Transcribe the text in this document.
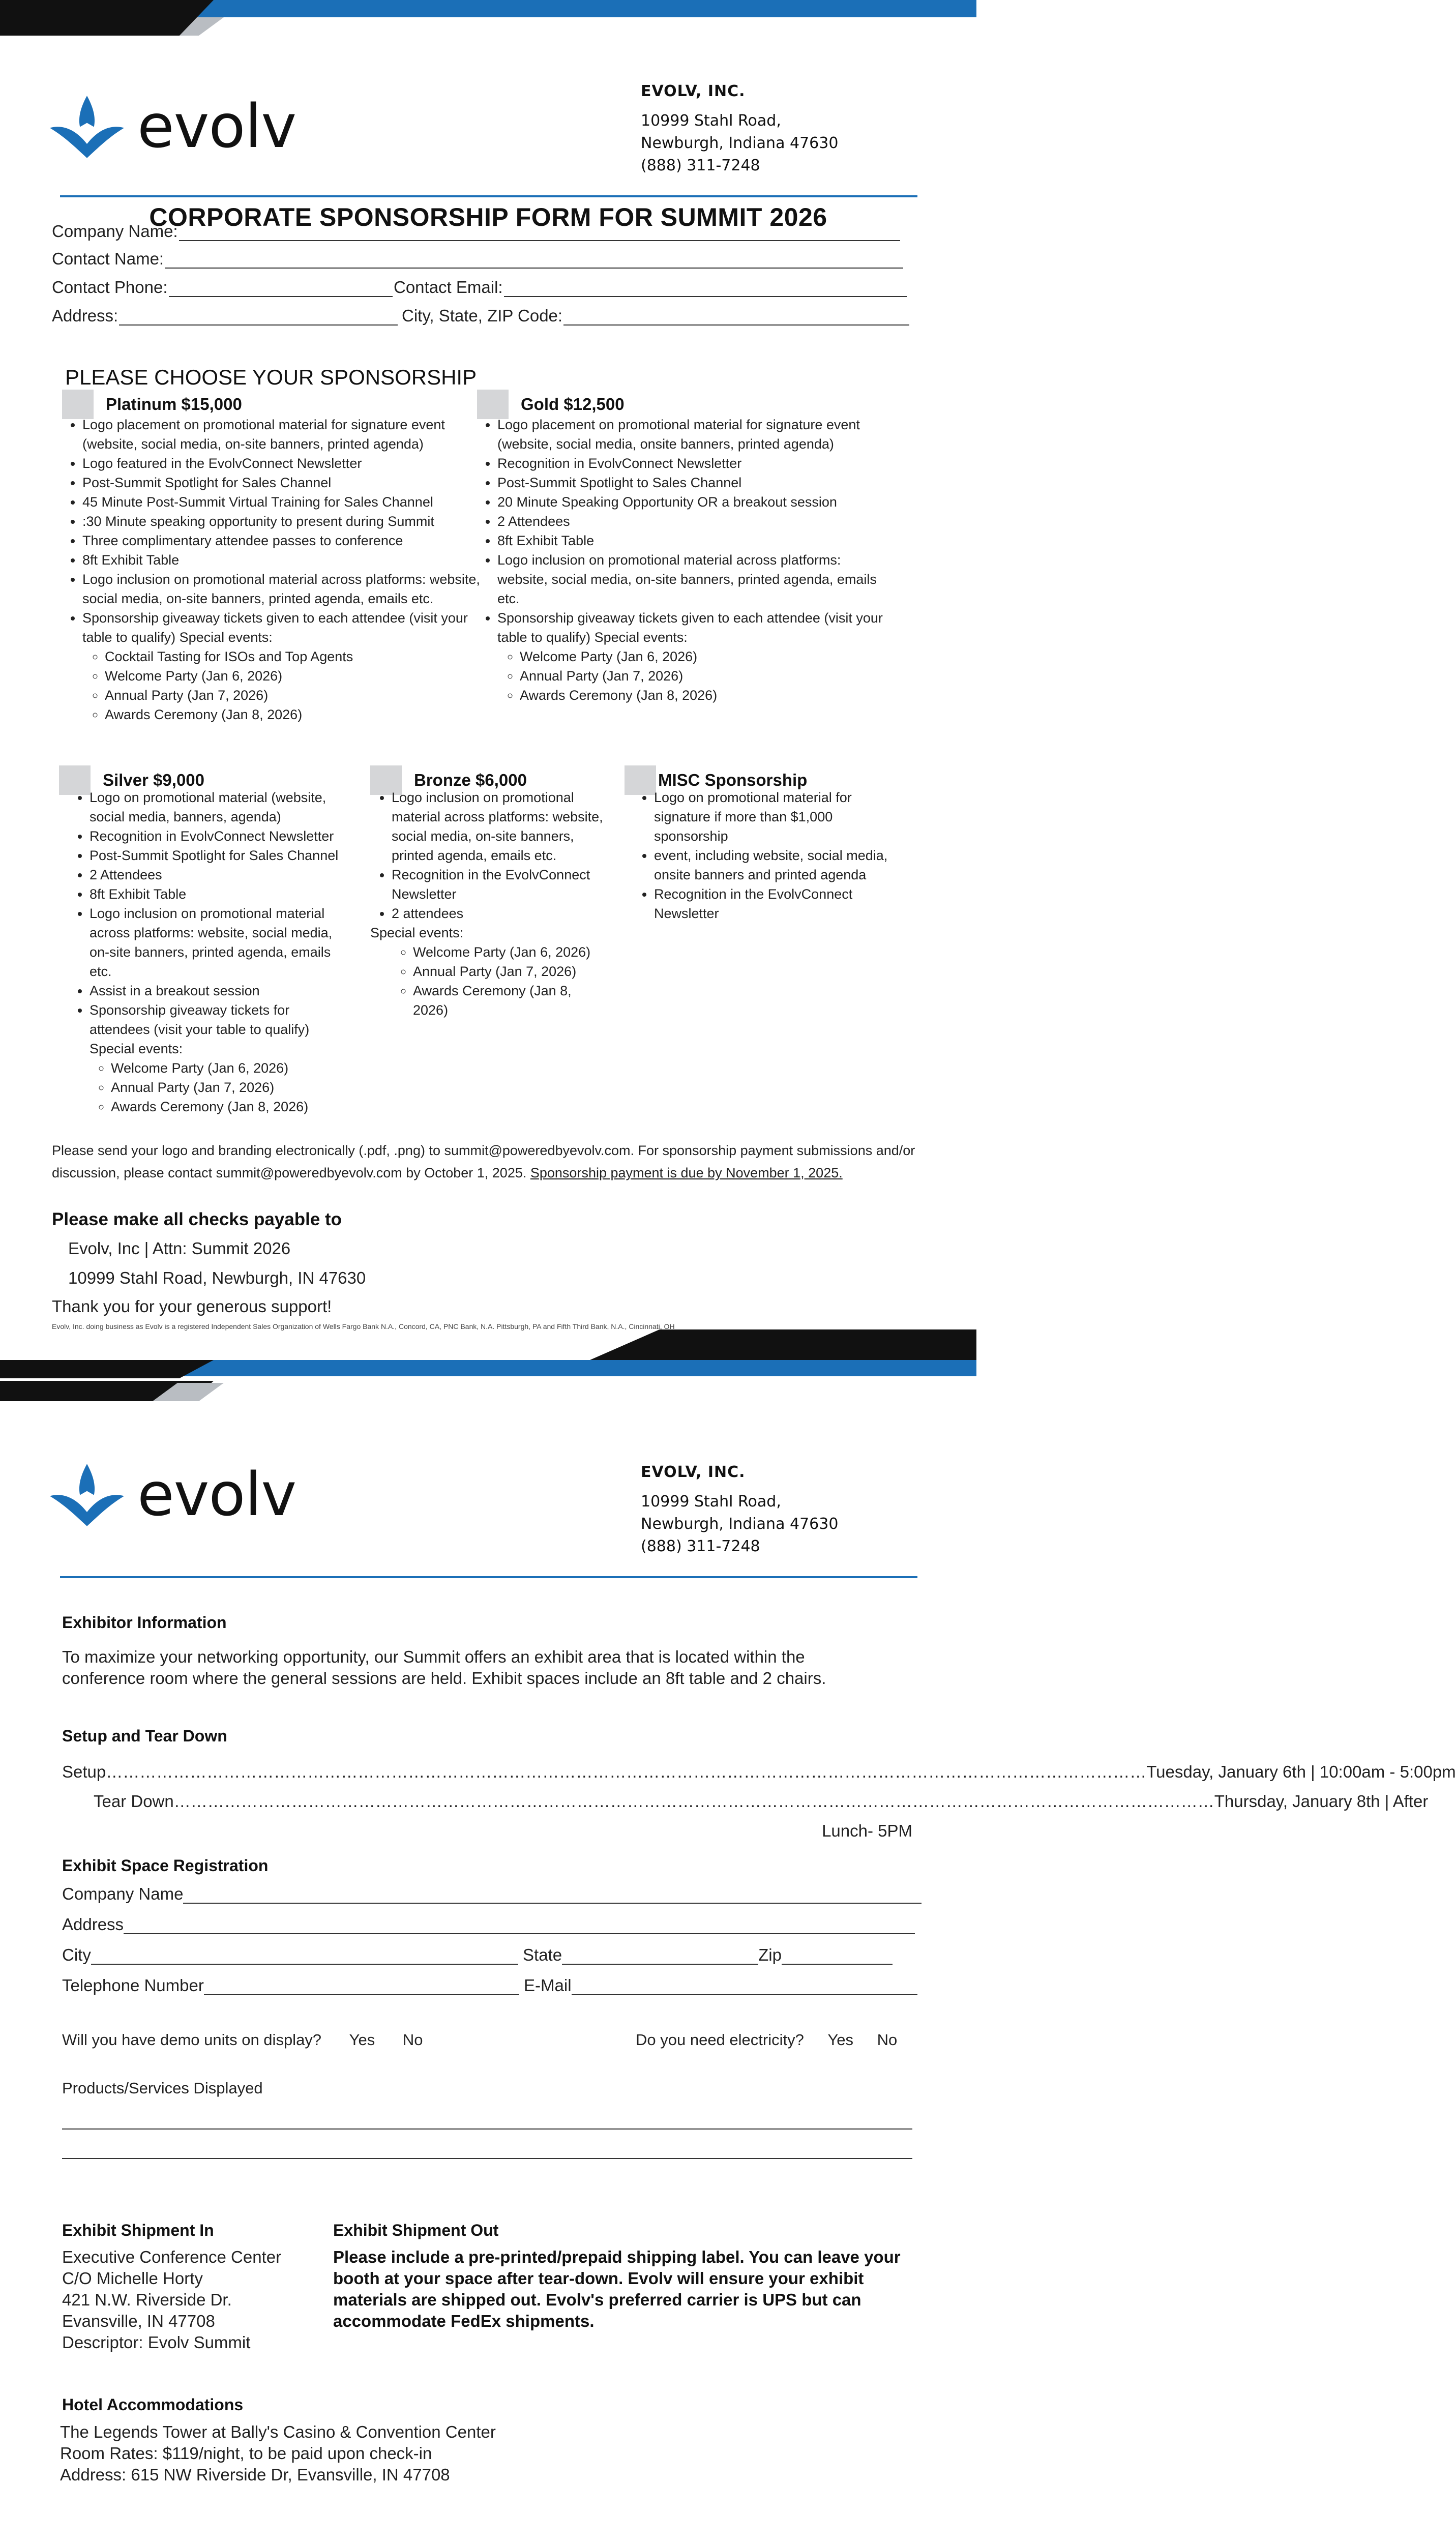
evolv	EVOLV, INC.
10999 Stahl Road,
Newburgh, Indiana 47630
(888) 311-7248
CORPORATE SPONSORSHIP FORM FOR SUMMIT 2026
Company Name:
Contact Name:
Contact Phone:	Contact Email:
Address:	City, State, ZIP Code:
PLEASE CHOOSE YOUR SPONSORSHIP
Platinum $15,000
• Logo placement on promotional material for signature event (website, social media, on-site banners, printed agenda)
• Logo featured in the EvolvConnect Newsletter
• Post-Summit Spotlight for Sales Channel
• 45 Minute Post-Summit Virtual Training for Sales Channel
• :30 Minute speaking opportunity to present during Summit
• Three complimentary attendee passes to conference
• 8ft Exhibit Table
• Logo inclusion on promotional material across platforms: website, social media, on-site banners, printed agenda, emails etc.
• Sponsorship giveaway tickets given to each attendee (visit your table to qualify) Special events:
◦ Cocktail Tasting for ISOs and Top Agents
◦ Welcome Party (Jan 6, 2026)
◦ Annual Party (Jan 7, 2026)
◦ Awards Ceremony (Jan 8, 2026)
Gold $12,500
• Logo placement on promotional material for signature event (website, social media, onsite banners, printed agenda)
• Recognition in EvolvConnect Newsletter
• Post-Summit Spotlight to Sales Channel
• 20 Minute Speaking Opportunity OR a breakout session
• 2 Attendees
• 8ft Exhibit Table
• Logo inclusion on promotional material across platforms: website, social media, on-site banners, printed agenda, emails etc.
• Sponsorship giveaway tickets given to each attendee (visit your table to qualify) Special events:
◦ Welcome Party (Jan 6, 2026)
◦ Annual Party (Jan 7, 2026)
◦ Awards Ceremony (Jan 8, 2026)
Silver $9,000
• Logo on promotional material (website, social media, banners, agenda)
• Recognition in EvolvConnect Newsletter
• Post-Summit Spotlight for Sales Channel
• 2 Attendees
• 8ft Exhibit Table
• Logo inclusion on promotional material across platforms: website, social media, on-site banners, printed agenda, emails etc.
• Assist in a breakout session
• Sponsorship giveaway tickets for attendees (visit your table to qualify)
Special events:
◦ Welcome Party (Jan 6, 2026)
◦ Annual Party (Jan 7, 2026)
◦ Awards Ceremony (Jan 8, 2026)
Bronze $6,000
• Logo inclusion on promotional material across platforms: website, social media, on-site banners, printed agenda, emails etc.
• Recognition in the EvolvConnect Newsletter
• 2 attendees
Special events:
◦ Welcome Party (Jan 6, 2026)
◦ Annual Party (Jan 7, 2026)
◦ Awards Ceremony (Jan 8, 2026)
MISC Sponsorship
• Logo on promotional material for signature if more than $1,000 sponsorship
• event, including website, social media, onsite banners and printed agenda
• Recognition in the EvolvConnect Newsletter
Please send your logo and branding electronically (.pdf, .png) to summit@poweredbyevolv.com. For sponsorship payment submissions and/or discussion, please contact summit@poweredbyevolv.com by October 1, 2025. Sponsorship payment is due by November 1, 2025.
Please make all checks payable to
Evolv, Inc | Attn: Summit 2026
10999 Stahl Road, Newburgh, IN 47630
Thank you for your generous support!
Evolv, Inc. doing business as Evolv is a registered Independent Sales Organization of Wells Fargo Bank N.A., Concord, CA, PNC Bank, N.A. Pittsburgh, PA and Fifth Third Bank, N.A., Cincinnati, OH
evolv	EVOLV, INC.
10999 Stahl Road,
Newburgh, Indiana 47630
(888) 311-7248
Exhibitor Information
To maximize your networking opportunity, our Summit offers an exhibit area that is located within the conference room where the general sessions are held. Exhibit spaces include an 8ft table and 2 chairs.
Setup and Tear Down
Setup …………………………………………………………………………………………………………………………………………………………………… Tuesday, January 6th | 10:00am - 5:00pm
Tear Down …………………………………………………………………………………………………………………………………………………………………… Thursday, January 8th | After
Lunch- 5PM
Exhibit Space Registration
Company Name
Address
City	State	Zip
Telephone Number	E-Mail
Will you have demo units on display? Yes No	Do you need electricity? Yes No
Products/Services Displayed
Exhibit Shipment In
Executive Conference Center
C/O Michelle Horty
421 N.W. Riverside Dr.
Evansville, IN 47708
Descriptor: Evolv Summit
Exhibit Shipment Out
Please include a pre-printed/prepaid shipping label. You can leave your booth at your space after tear-down. Evolv will ensure your exhibit materials are shipped out. Evolv's preferred carrier is UPS but can accommodate FedEx shipments.
Hotel Accommodations
The Legends Tower at Bally's Casino & Convention Center
Room Rates: $119/night, to be paid upon check-in
Address: 615 NW Riverside Dr, Evansville, IN 47708
